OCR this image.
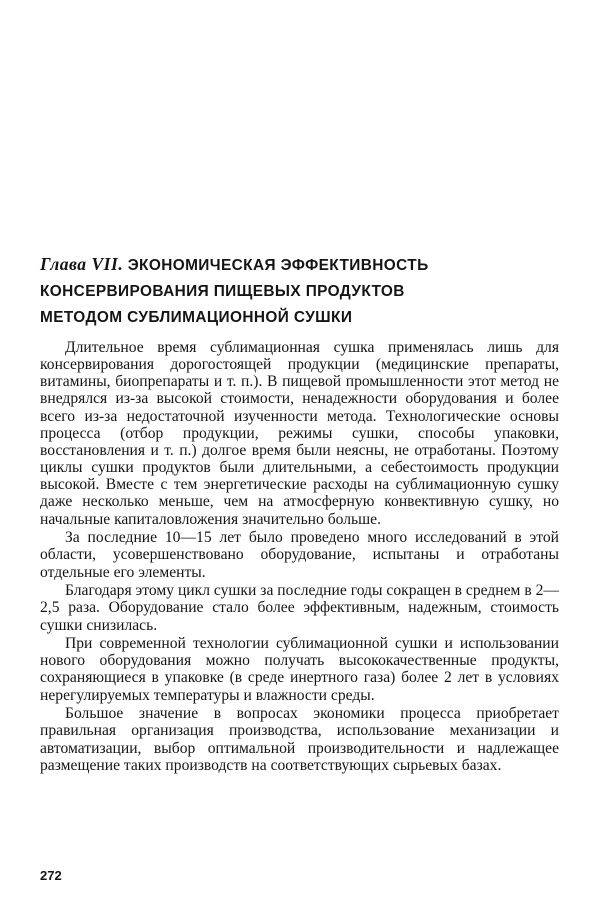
Глава VII. ЭКОНОМИЧЕСКАЯ ЭФФЕКТИВНОСТЬ
КОНСЕРВИРОВАНИЯ ПИЩЕВЫХ ПРОДУКТОВ
МЕТОДОМ СУБЛИМАЦИОННОЙ СУШКИ

Длительное время сублимационная сушка применялась лишь для консервирования дорогостоящей продукции (медицинские препараты, витамины, биопрепараты и т. п.). В пищевой промышленности этот метод не внедрялся из-за высокой стоимости, ненадежности оборудования и более всего из-за недостаточной изученности метода. Технологические основы процесса (отбор продукции, режимы сушки, способы упаковки, восстановления и т. п.) долгое время были неясны, не отработаны. Поэтому циклы сушки продуктов были длительными, а себестоимость продукции высокой. Вместе с тем энергетические расходы на сублимационную сушку даже несколько меньше, чем на атмосферную конвективную сушку, но начальные капиталовложения значительно больше.

За последние 10—15 лет было проведено много исследований в этой области, усовершенствовано оборудование, испытаны и отработаны отдельные его элементы.

Благодаря этому цикл сушки за последние годы сокращен в среднем в 2—2,5 раза. Оборудование стало более эффективным, надежным, стоимость сушки снизилась.

При современной технологии сублимационной сушки и использовании нового оборудования можно получать высококачественные продукты, сохраняющиеся в упаковке (в среде инертного газа) более 2 лет в условиях нерегулируемых температуры и влажности среды.

Большое значение в вопросах экономики процесса приобретает правильная организация производства, использование механизации и автоматизации, выбор оптимальной производительности и надлежащее размещение таких производств на соответствующих сырьевых базах.

272
